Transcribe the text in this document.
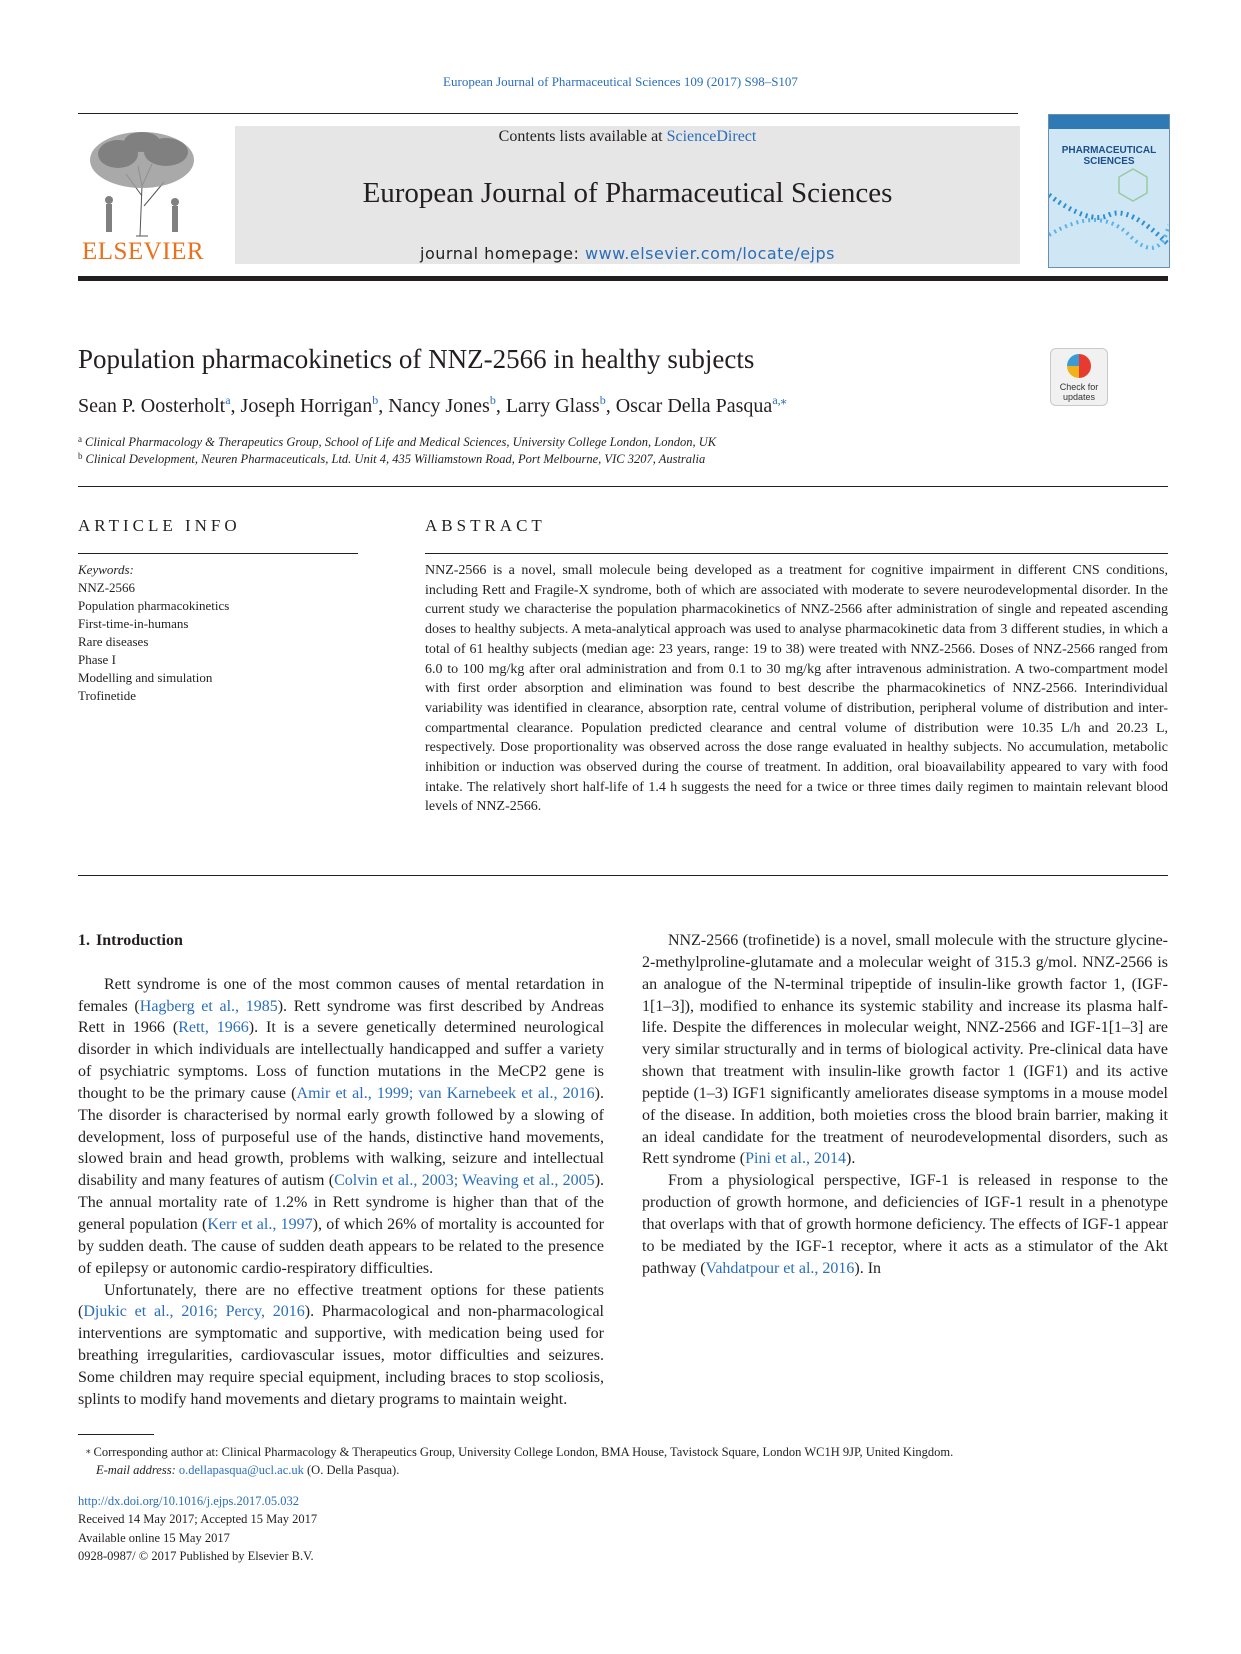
European Journal of Pharmaceutical Sciences 109 (2017) S98–S107
ELSEVIER
Contents lists available at ScienceDirect
European Journal of Pharmaceutical Sciences
journal homepage: www.elsevier.com/locate/ejps
PHARMACEUTICAL
SCIENCES
Population pharmacokinetics of NNZ-2566 in healthy subjects
Check for
updates
Sean P. Oosterholt$^a$, Joseph Horrigan$^b$, Nancy Jones$^b$, Larry Glass$^b$, Oscar Della Pasqua$^{a,⁎}$
$^a$ Clinical Pharmacology & Therapeutics Group, School of Life and Medical Sciences, University College London, London, UK
$^b$ Clinical Development, Neuren Pharmaceuticals, Ltd. Unit 4, 435 Williamstown Road, Port Melbourne, VIC 3207, Australia
ARTICLE INFO
Keywords:
NNZ-2566
Population pharmacokinetics
First-time-in-humans
Rare diseases
Phase I
Modelling and simulation
Trofinetide
ABSTRACT
NNZ-2566 is a novel, small molecule being developed as a treatment for cognitive impairment in different CNS conditions, including Rett and Fragile-X syndrome, both of which are associated with moderate to severe neurodevelopmental disorder. In the current study we characterise the population pharmacokinetics of NNZ-2566 after administration of single and repeated ascending doses to healthy subjects. A meta-analytical approach was used to analyse pharmacokinetic data from 3 different studies, in which a total of 61 healthy subjects (median age: 23 years, range: 19 to 38) were treated with NNZ-2566. Doses of NNZ-2566 ranged from 6.0 to 100 mg/kg after oral administration and from 0.1 to 30 mg/kg after intravenous administration. A two-compartment model with first order absorption and elimination was found to best describe the pharmacokinetics of NNZ-2566. Interindividual variability was identified in clearance, absorption rate, central volume of distribution, peripheral volume of distribution and inter-compartmental clearance. Population predicted clearance and central volume of distribution were 10.35 L/h and 20.23 L, respectively. Dose proportionality was observed across the dose range evaluated in healthy subjects. No accumulation, metabolic inhibition or induction was observed during the course of treatment. In addition, oral bioavailability appeared to vary with food intake. The relatively short half-life of 1.4 h suggests the need for a twice or three times daily regimen to maintain relevant blood levels of NNZ-2566.
1. Introduction

Rett syndrome is one of the most common causes of mental retardation in females (Hagberg et al., 1985). Rett syndrome was first described by Andreas Rett in 1966 (Rett, 1966). It is a severe genetically determined neurological disorder in which individuals are intellectually handicapped and suffer a variety of psychiatric symptoms. Loss of function mutations in the MeCP2 gene is thought to be the primary cause (Amir et al., 1999; van Karnebeek et al., 2016). The disorder is characterised by normal early growth followed by a slowing of development, loss of purposeful use of the hands, distinctive hand movements, slowed brain and head growth, problems with walking, seizure and intellectual disability and many features of autism (Colvin et al., 2003; Weaving et al., 2005). The annual mortality rate of 1.2% in Rett syndrome is higher than that of the general population (Kerr et al., 1997), of which 26% of mortality is accounted for by sudden death. The cause of sudden death appears to be related to the presence of epilepsy or autonomic cardio-respiratory difficulties.

Unfortunately, there are no effective treatment options for these patients (Djukic et al., 2016; Percy, 2016). Pharmacological and non-pharmacological interventions are symptomatic and supportive, with medication being used for breathing irregularities, cardiovascular issues, motor difficulties and seizures. Some children may require special equipment, including braces to stop scoliosis, splints to modify hand movements and dietary programs to maintain weight.

NNZ-2566 (trofinetide) is a novel, small molecule with the structure glycine-2-methylproline-glutamate and a molecular weight of 315.3 g/mol. NNZ-2566 is an analogue of the N-terminal tripeptide of insulin-like growth factor 1, (IGF-1[1–3]), modified to enhance its systemic stability and increase its plasma half-life. Despite the differences in molecular weight, NNZ-2566 and IGF-1[1–3] are very similar structurally and in terms of biological activity. Pre-clinical data have shown that treatment with insulin-like growth factor 1 (IGF1) and its active peptide (1–3) IGF1 significantly ameliorates disease symptoms in a mouse model of the disease. In addition, both moieties cross the blood brain barrier, making it an ideal candidate for the treatment of neurodevelopmental disorders, such as Rett syndrome (Pini et al., 2014).

From a physiological perspective, IGF-1 is released in response to the production of growth hormone, and deficiencies of IGF-1 result in a phenotype that overlaps with that of growth hormone deficiency. The effects of IGF-1 appear to be mediated by the IGF-1 receptor, where it acts as a stimulator of the Akt pathway (Vahdatpour et al., 2016). In

⁎ Corresponding author at: Clinical Pharmacology & Therapeutics Group, University College London, BMA House, Tavistock Square, London WC1H 9JP, United Kingdom.
E-mail address: o.dellapasqua@ucl.ac.uk (O. Della Pasqua).
http://dx.doi.org/10.1016/j.ejps.2017.05.032
Received 14 May 2017; Accepted 15 May 2017
Available online 15 May 2017
0928-0987/ © 2017 Published by Elsevier B.V.
